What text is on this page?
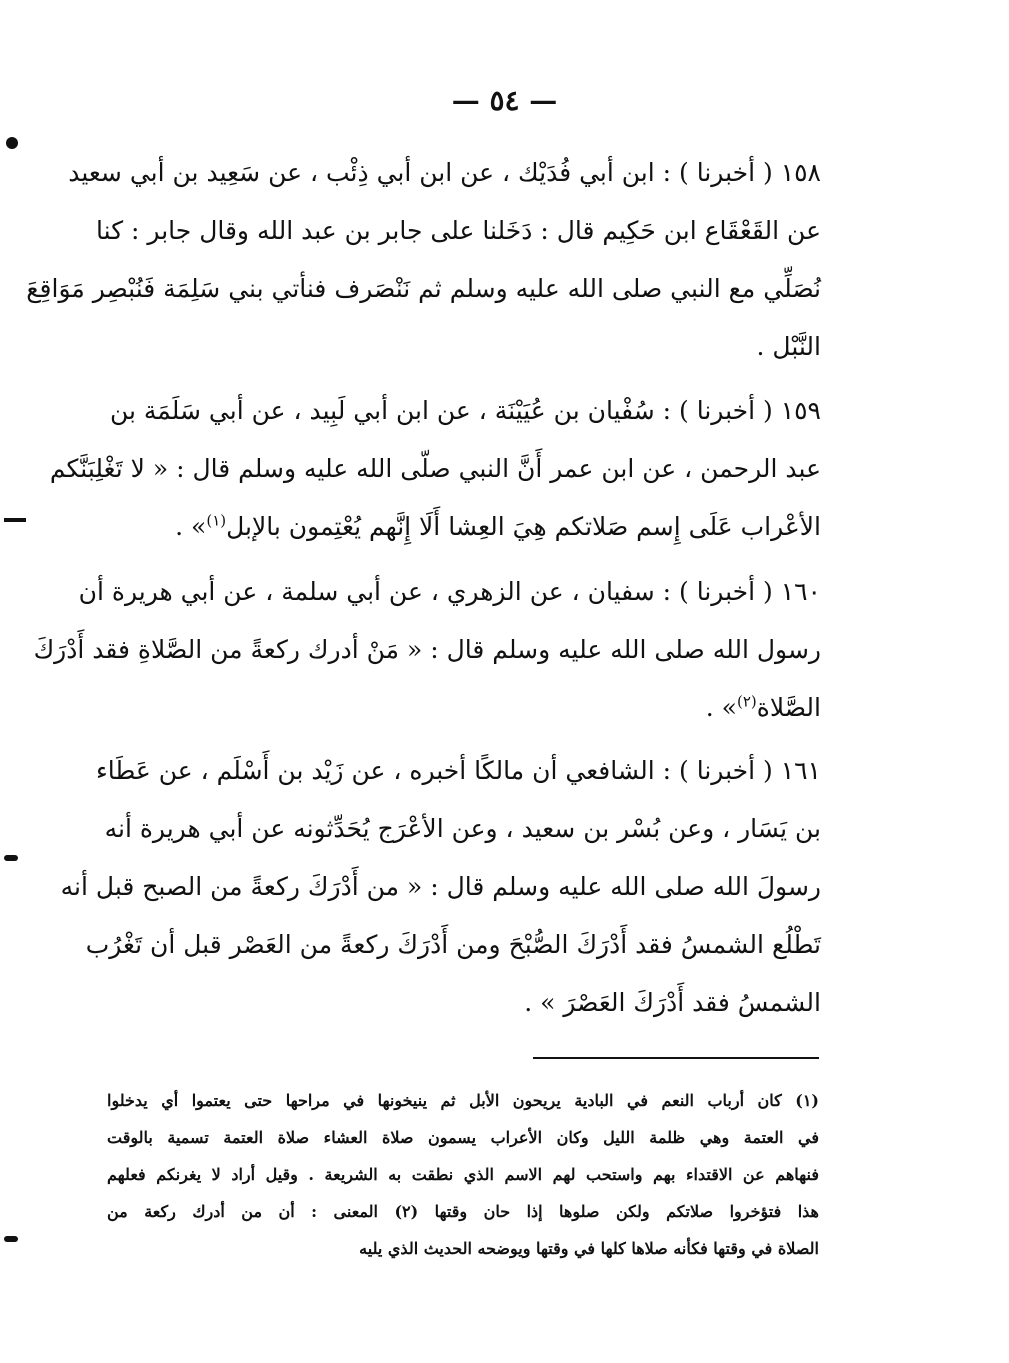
— ٥٤ —
١٥٨ ( أخبرنا ) : ابن أبي فُدَيْك ، عن ابن أبي ذِئْب ، عن سَعِيد بن أبي سعيد
عن القَعْقَاع ابن حَكِيم قال : دَخَلنا على جابر بن عبد الله وقال جابر : كنا
نُصَلِّي مع النبي صلى الله عليه وسلم ثم نَنْصَرف فنأتي بني سَلِمَة فَنُبْصِر مَوَاقِعَ
النَّبْل .
١٥٩ ( أخبرنا ) : سُفْيان بن عُيَيْنَة ، عن ابن أبي لَبِيد ، عن أبي سَلَمَة بن
عبد الرحمن ، عن ابن عمر أَنَّ النبي صلّى الله عليه وسلم قال : « لا تَغْلِبَنَّكم
الأعْراب عَلَى إِسم صَلاتكم هِيَ العِشا أَلَا إِنَّهم يُعْتِمون بالإبل$^{(١)}$» .
١٦٠ ( أخبرنا ) : سفيان ، عن الزهري ، عن أبي سلمة ، عن أبي هريرة أن
رسول الله صلى الله عليه وسلم قال : « مَنْ أدرك ركعةً من الصَّلاةِ فقد أَدْرَكَ
الصَّلاة$^{(٢)}$» .
١٦١ ( أخبرنا ) : الشافعي أن مالكًا أخبره ، عن زَيْد بن أَسْلَم ، عن عَطَاء
بن يَسَار ، وعن بُسْر بن سعيد ، وعن الأعْرَج يُحَدِّثونه عن أبي هريرة أنه
رسولَ الله صلى الله عليه وسلم قال : « من أَدْرَكَ ركعةً من الصبح قبل أنه
تَطْلُع الشمسُ فقد أَدْرَكَ الصُّبْحَ ومن أَدْرَكَ ركعةً من العَصْر قبل أن تَغْرُب
الشمسُ فقد أَدْرَكَ العَصْرَ » .
(١) كان أرباب النعم في البادية يريحون الأبل ثم ينيخونها في مراحها حتى يعتموا أي يدخلوا
في العتمة وهي ظلمة الليل وكان الأعراب يسمون صلاة العشاء صلاة العتمة تسمية بالوقت
فنهاهم عن الاقتداء بهم واستحب لهم الاسم الذي نطقت به الشريعة . وقيل أراد لا يغرنكم فعلهم
هذا فتؤخروا صلاتكم ولكن صلوها إذا حان وقتها (٢) المعنى : أن من أدرك ركعة من
الصلاة في وقتها فكأنه صلاها كلها في وقتها ويوضحه الحديث الذي يليه
